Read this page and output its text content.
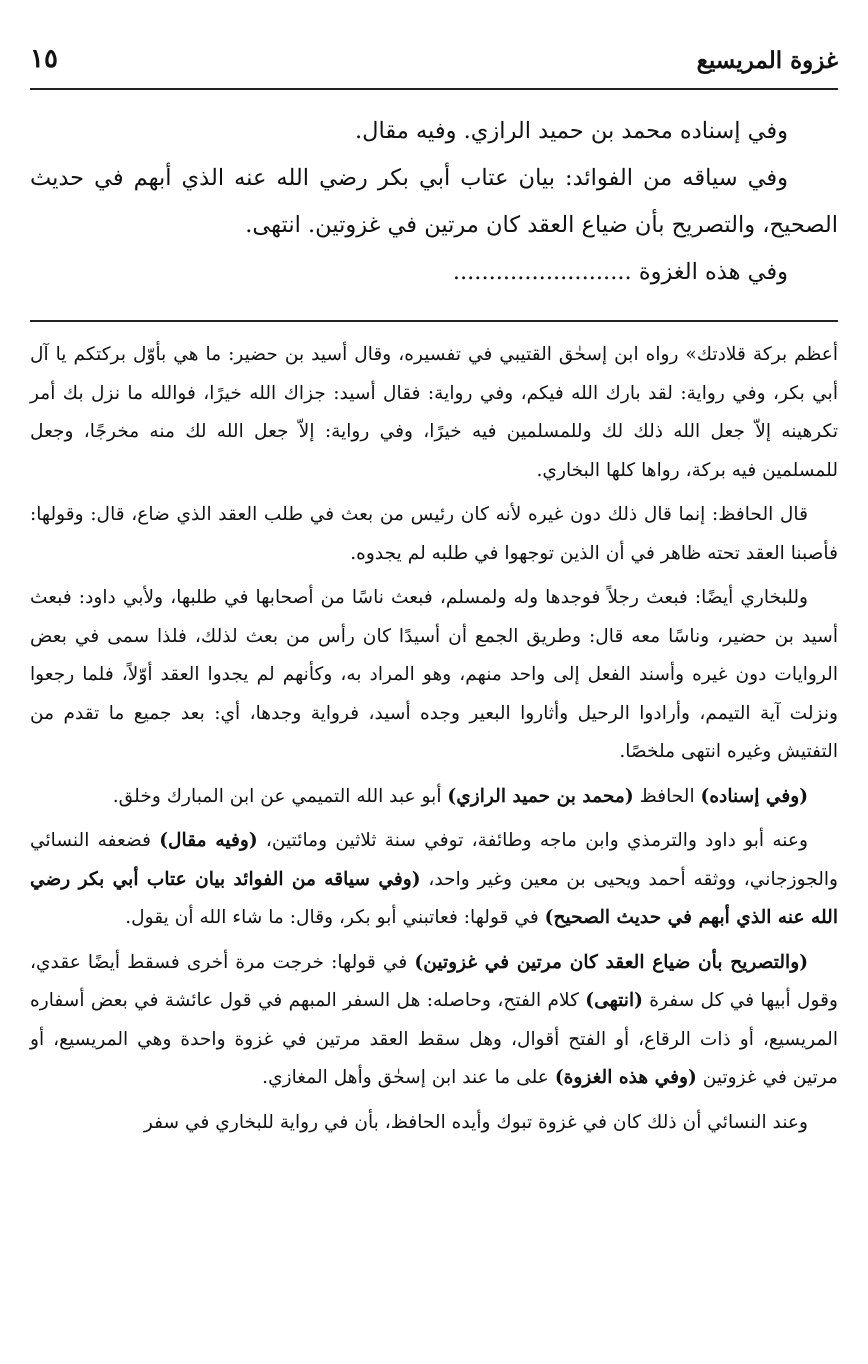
غزوة المريسيع

١٥

وفي إسناده محمد بن حميد الرازي. وفيه مقال.

وفي سياقه من الفوائد: بيان عتاب أبي بكر رضي الله عنه الذي أبهم في حديث الصحيح، والتصريح بأن ضياع العقد كان مرتين في غزوتين. انتهى.

وفي هذه الغزوة .........................

أعظم بركة قلادتك» رواه ابن إسحٰق القتيبي في تفسيره، وقال أسيد بن حضير: ما هي بأوّل بركتكم يا آل أبي بكر، وفي رواية: لقد بارك الله فيكم، وفي رواية: فقال أسيد: جزاك الله خيرًا، فوالله ما نزل بك أمر تكرهينه إلاّ جعل الله ذلك لك وللمسلمين فيه خيرًا، وفي رواية: إلاّ جعل الله لك منه مخرجًا، وجعل للمسلمين فيه بركة، رواها كلها البخاري.

قال الحافظ: إنما قال ذلك دون غيره لأنه كان رئيس من بعث في طلب العقد الذي ضاع، قال: وقولها: فأصبنا العقد تحته ظاهر في أن الذين توجهوا في طلبه لم يجدوه.

وللبخاري أيضًا: فبعث رجلاً فوجدها وله ولمسلم، فبعث ناسًا من أصحابها في طلبها، ولأبي داود: فبعث أسيد بن حضير، وناسًا معه قال: وطريق الجمع أن أسيدًا كان رأس من بعث لذلك، فلذا سمى في بعض الروايات دون غيره وأسند الفعل إلى واحد منهم، وهو المراد به، وكأنهم لم يجدوا العقد أوّلاً، فلما رجعوا ونزلت آية التيمم، وأرادوا الرحيل وأثاروا البعير وجده أسيد، فرواية وجدها، أي: بعد جميع ما تقدم من التفتيش وغيره انتهى ملخصًا.

(وفي إسناده) الحافظ (محمد بن حميد الرازي) أبو عبد الله التميمي عن ابن المبارك وخلق.

وعنه أبو داود والترمذي وابن ماجه وطائفة، توفي سنة ثلاثين ومائتين، (وفيه مقال) فضعفه النسائي والجوزجاني، ووثقه أحمد ويحيى بن معين وغير واحد، (وفي سياقه من الفوائد بيان عتاب أبي بكر رضي الله عنه الذي أبهم في حديث الصحيح) في قولها: فعاتبني أبو بكر، وقال: ما شاء الله أن يقول.

(والتصريح بأن ضياع العقد كان مرتين في غزوتين) في قولها: خرجت مرة أخرى فسقط أيضًا عقدي، وقول أبيها في كل سفرة (انتهى) كلام الفتح، وحاصله: هل السفر المبهم في قول عائشة في بعض أسفاره المريسيع، أو ذات الرقاع، أو الفتح أقوال، وهل سقط العقد مرتين في غزوة واحدة وهي المريسيع، أو مرتين في غزوتين (وفي هذه الغزوة) على ما عند ابن إسحٰق وأهل المغازي.

وعند النسائي أن ذلك كان في غزوة تبوك وأيده الحافظ، بأن في رواية للبخاري في سفر
